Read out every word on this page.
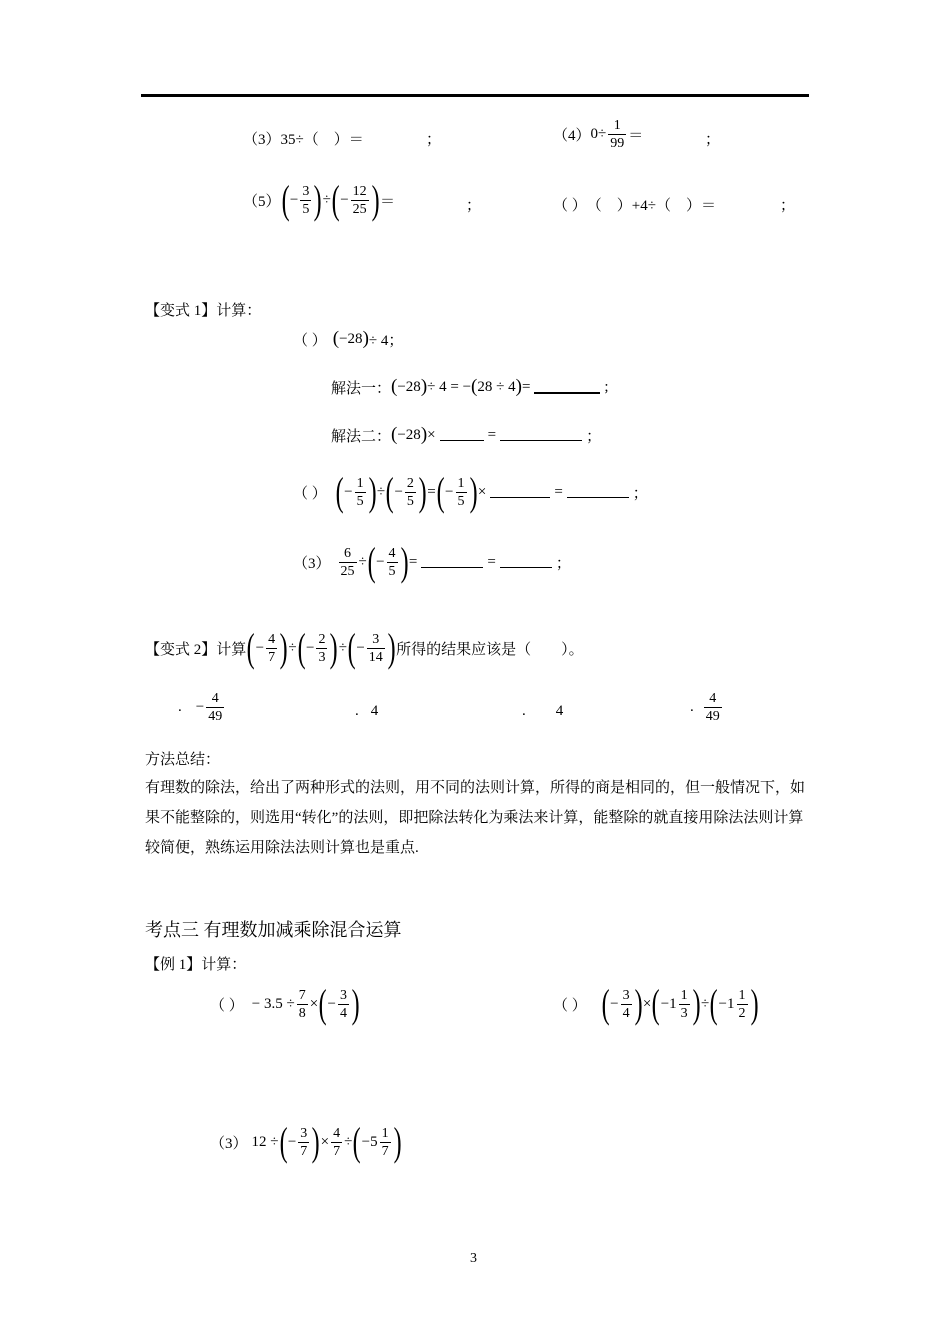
（3） 35÷（　）＝	；	（4） $0\div \frac{1}{99}$ ＝	；
（5） ( − $\frac{3}{5}$ ) ÷ ( − $\frac{12}{25}$ ) ＝	；	（ ） （　）+4÷（　）＝	；
【变式 1】计算：
（ ） ( −28 ) ÷ 4；
解法一： ( −28 ) ÷ 4 = − ( 28 ÷ 4 ) =	;
解法二： ( −28 ) ×	=	；
（ ） ( − $\frac{1}{5}$ ) ÷ ( − $\frac{2}{5}$ ) = ( − $\frac{1}{5}$ ) ×	=	；
$(3) \frac{6}{25}$ ÷ ( − $\frac{4}{5}$ ) =	=	；
【变式 2】 计算 ( − $\frac{4}{7}$ ) ÷ ( − $\frac{2}{3}$ ) ÷ ( − $\frac{3}{14}$ ) 所得的结果应该是（　　）。
. − $\frac{4}{49}$	. 4	. 4	. $\frac{4}{49}$
方法总结：
有理数的除法，给出了两种形式的法则，用不同的法则计算，所得的商是相同的，但一般情况下，如果不能整除的，则选用“转化”的法则，即把除法转化为乘法来计算，能整除的就直接用除法法则计算较简便，熟练运用除法法则计算也是重点.
考点三 有理数加减乘除混合运算
【例 1】计算：
（ ） − $3.5 \div \frac{7}{8}$ × ( − $\frac{3}{4}$ )	（ ） ( − $\frac{3}{4}$ ) × ( $-1 \frac{1}{3}$ ) ÷ ( $-1 \frac{1}{2}$ )
（3） 12 ÷ ( − $\frac{3}{7}$ ) × $\frac{4}{7}$ ÷ ( $-5 \frac{1}{7}$ )
3
